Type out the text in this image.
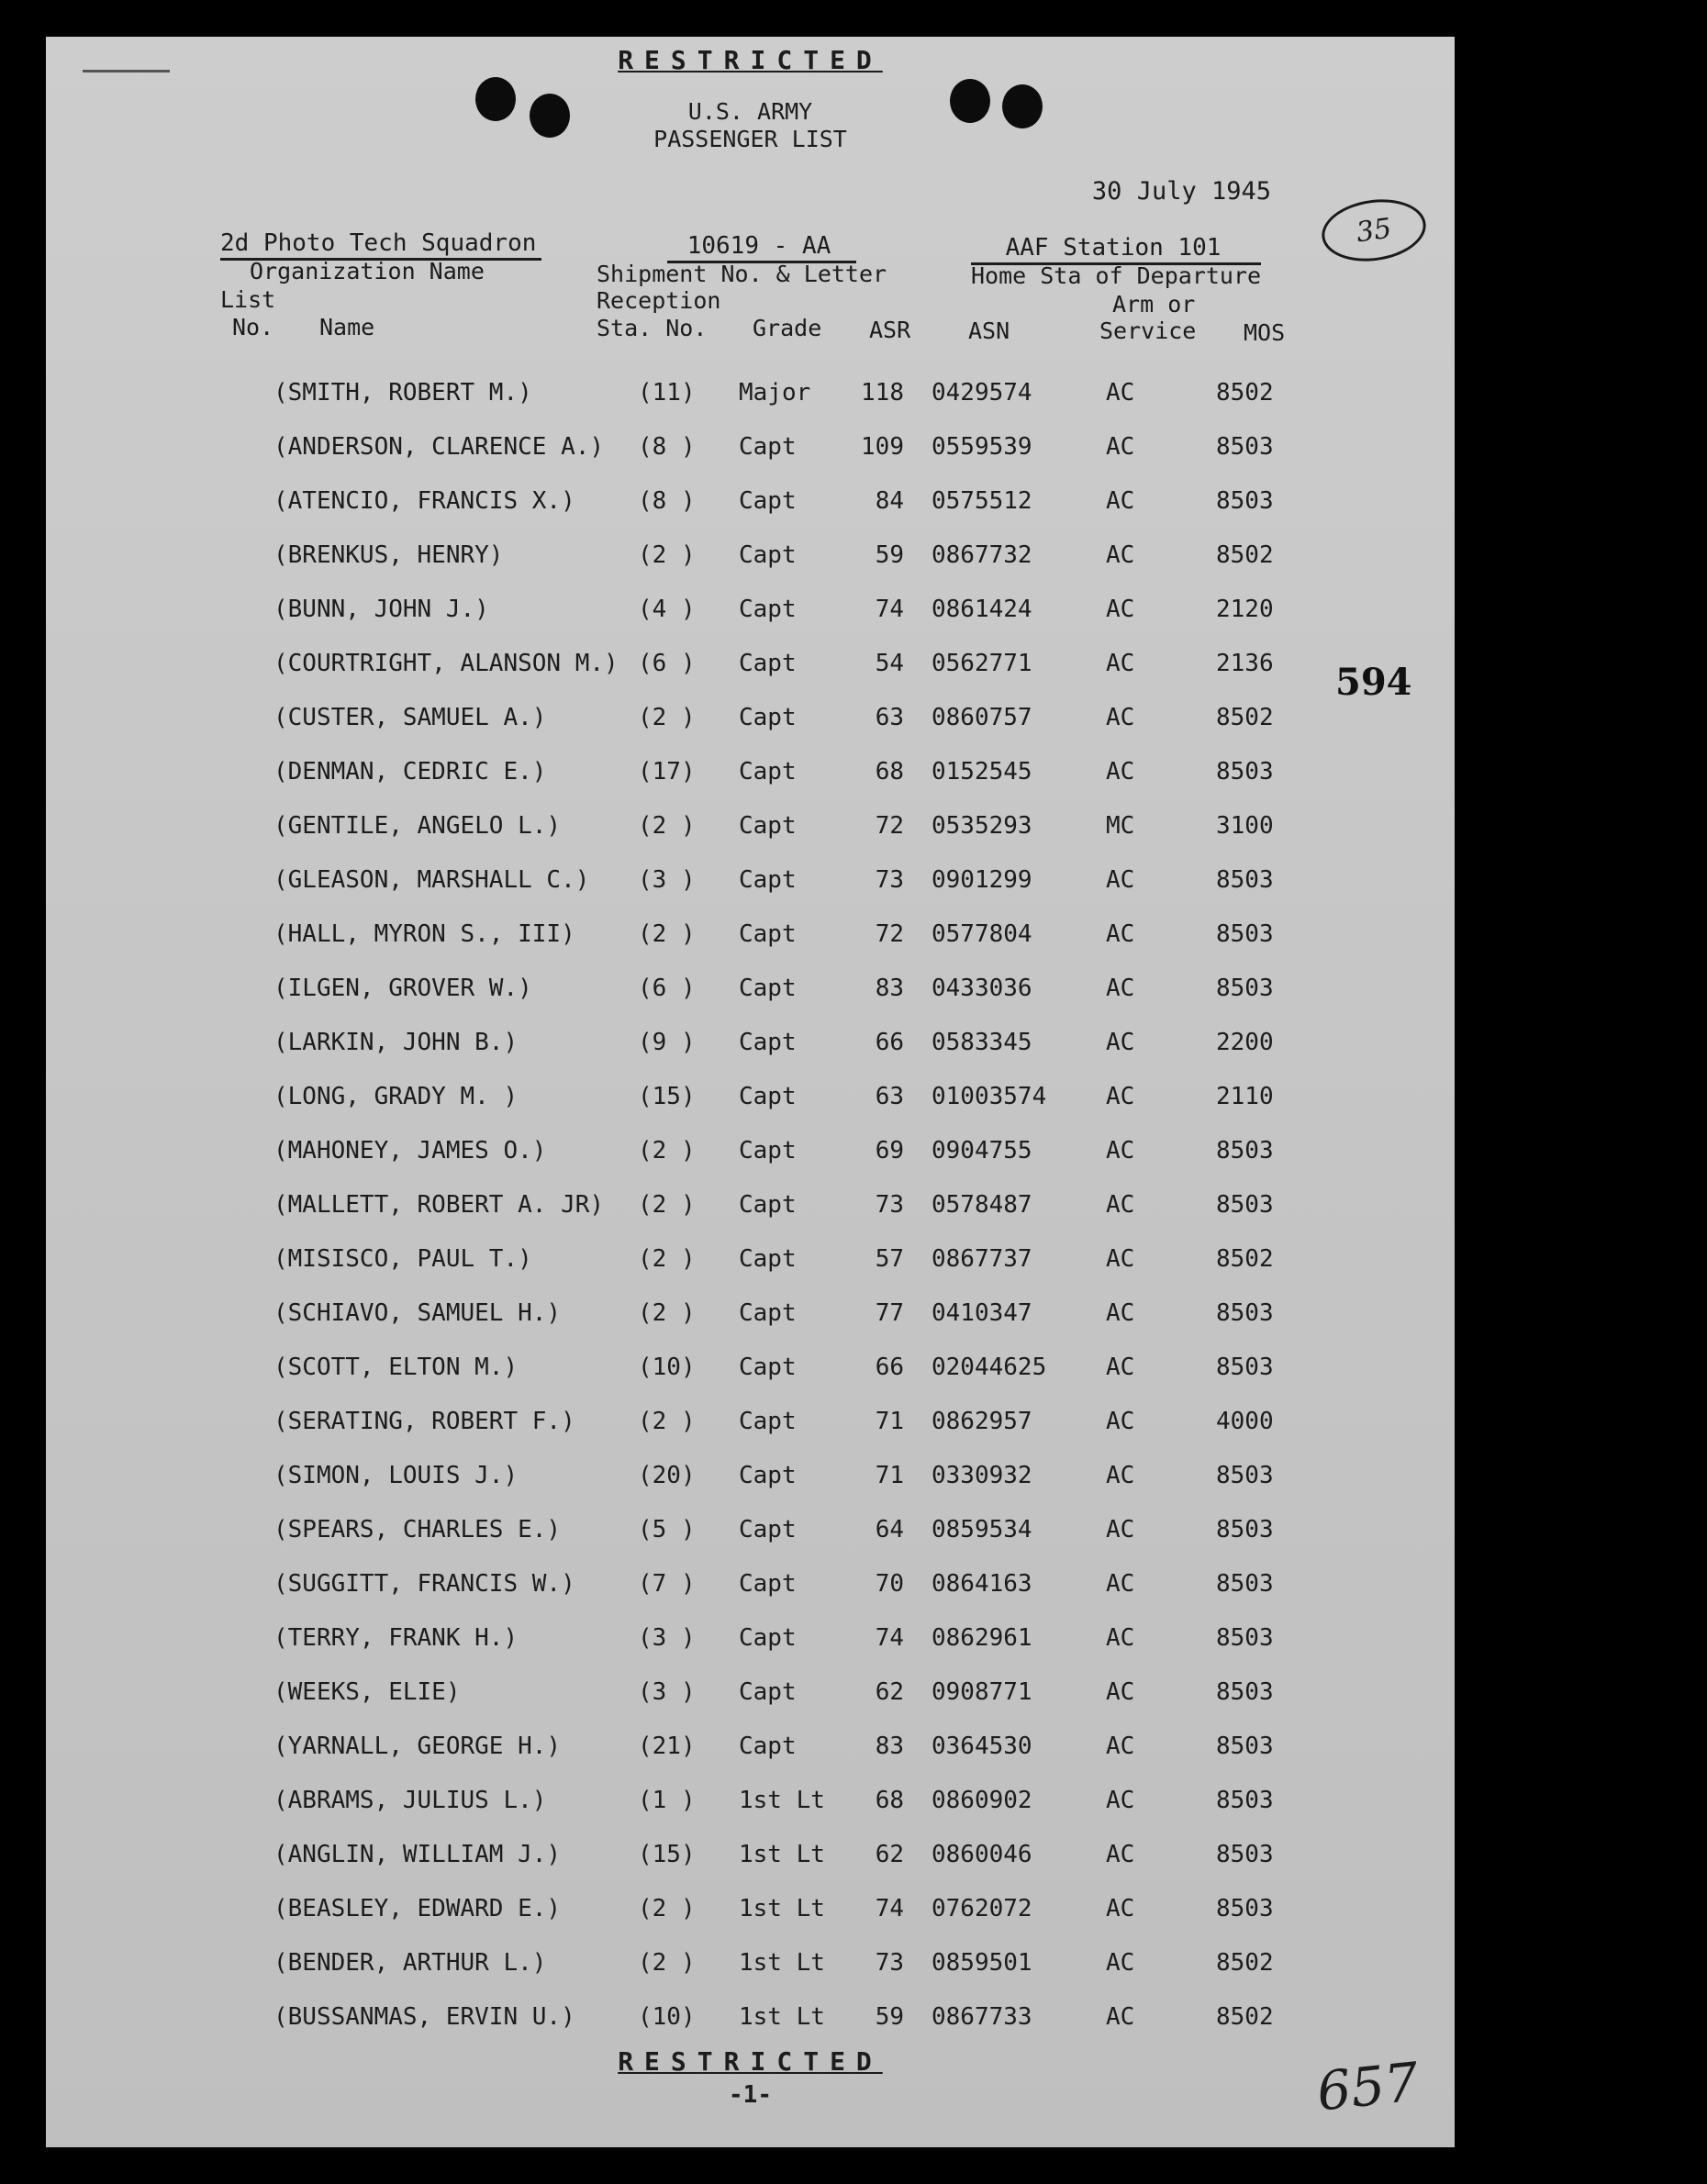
RESTRICTED
U.S. ARMY
PASSENGER LIST
30 July 1945
35
2d Photo Tech Squadron
Organization Name
10619 - AA
Shipment No. & Letter
AAF Station 101
Home Sta of Departure
List
No. Name
Reception
Sta. No. Grade ASR	ASN
Arm or
Service MOS
594
(SMITH, ROBERT M.)	(11) Major	118 0429574	AC	8502
(ANDERSON, CLARENCE A.) (8 ) Capt	109 0559539	AC	8503
(ATENCIO, FRANCIS X.)	(8 ) Capt	84 0575512	AC	8503
(BRENKUS, HENRY)	(2 ) Capt	59 0867732	AC	8502
(BUNN, JOHN J.)	(4 ) Capt	74 0861424	AC	2120
(COURTRIGHT, ALANSON M.) (6 ) Capt	54 0562771	AC	2136
(CUSTER, SAMUEL A.)	(2 ) Capt	63 0860757	AC	8502
(DENMAN, CEDRIC E.)	(17) Capt	68 0152545	AC	8503
(GENTILE, ANGELO L.)	(2 ) Capt	72 0535293	MC	3100
(GLEASON, MARSHALL C.) (3 ) Capt	73 0901299	AC	8503
(HALL, MYRON S., III)	(2 ) Capt	72 0577804	AC	8503
(ILGEN, GROVER W.)	(6 ) Capt	83 0433036	AC	8503
(LARKIN, JOHN B.)	(9 ) Capt	66 0583345	AC	2200
(LONG, GRADY M. )	(15) Capt	63 01003574 AC	2110
(MAHONEY, JAMES O.)	(2 ) Capt	69 0904755	AC	8503
(MALLETT, ROBERT A. JR) (2 ) Capt	73 0578487	AC	8503
(MISISCO, PAUL T.)	(2 ) Capt	57 0867737	AC	8502
(SCHIAVO, SAMUEL H.)	(2 ) Capt	77 0410347	AC	8503
(SCOTT, ELTON M.)	(10) Capt	66 02044625 AC	8503
(SERATING, ROBERT F.)	(2 ) Capt	71 0862957	AC	4000
(SIMON, LOUIS J.)	(20) Capt	71 0330932	AC	8503
(SPEARS, CHARLES E.)	(5 ) Capt	64 0859534	AC	8503
(SUGGITT, FRANCIS W.)	(7 ) Capt	70 0864163	AC	8503
(TERRY, FRANK H.)	(3 ) Capt	74 0862961	AC	8503
(WEEKS, ELIE)	(3 ) Capt	62 0908771	AC	8503
(YARNALL, GEORGE H.)	(21) Capt	83 0364530	AC	8503
(ABRAMS, JULIUS L.)	(1 ) 1st Lt	68 0860902	AC	8503
(ANGLIN, WILLIAM J.)	(15) 1st Lt	62 0860046	AC	8503
(BEASLEY, EDWARD E.)	(2 ) 1st Lt	74 0762072	AC	8503
(BENDER, ARTHUR L.)	(2 ) 1st Lt	73 0859501	AC	8502
(BUSSANMAS, ERVIN U.)	(10) 1st Lt	59 0867733	AC	8502
RESTRICTED
-1-	657
